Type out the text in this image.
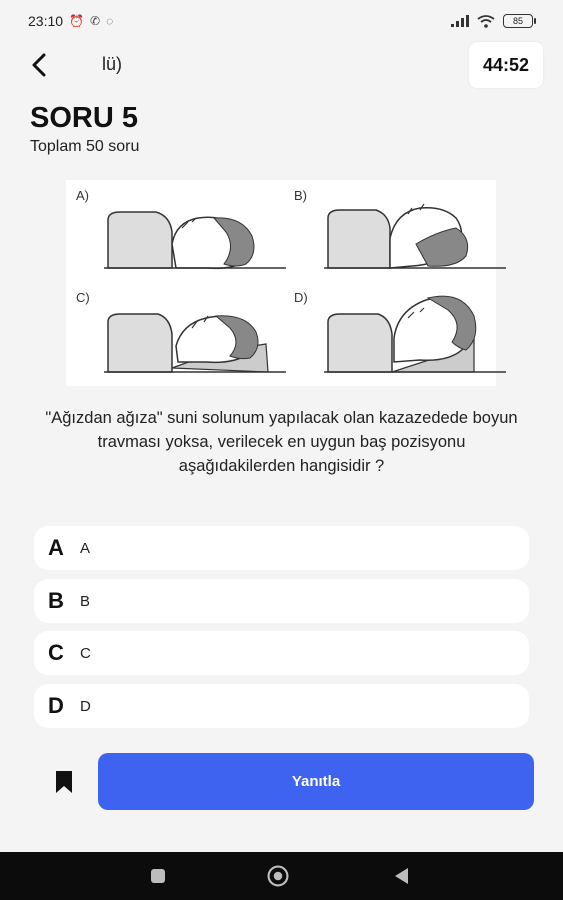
23:10 ⏰ ✆ ◌	85
lü)	44:52
SORU 5
Toplam 50 soru
A)	B)
C)	D)
"Ağızdan ağıza" suni solunum yapılacak olan kazazedede boyun travması yoksa, verilecek en uygun baş pozisyonu aşağıdakilerden hangisidir ?
A	A
B	B
C	C
D	D
Yanıtla
